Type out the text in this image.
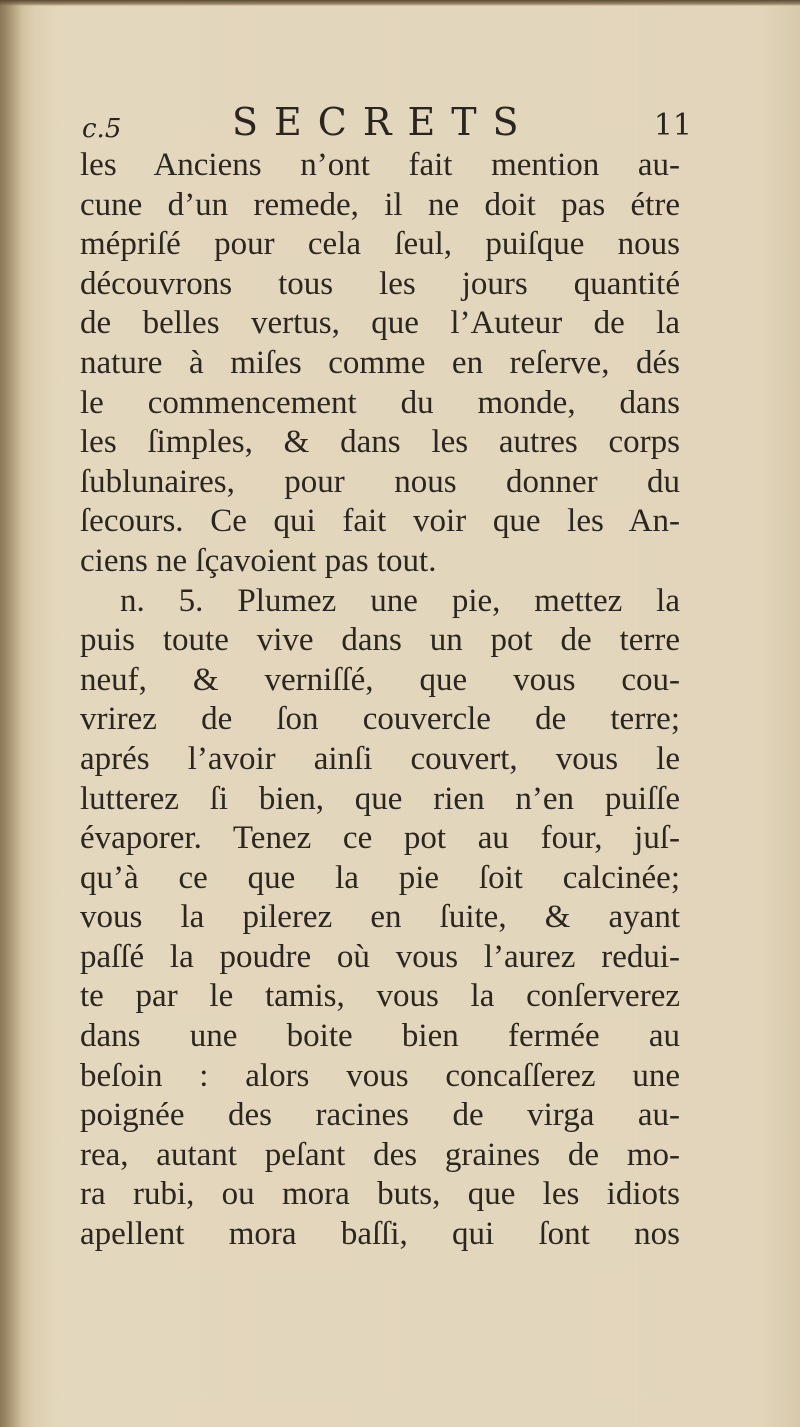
c.5	SECRETS	11
les Anciens n’ont fait mention au-
cune d’un remede, il ne doit pas étre
mépriſé pour cela ſeul, puiſque nous
découvrons tous les jours quantité
de belles vertus, que l’Auteur de la
nature à miſes comme en reſerve, dés
le commencement du monde, dans
les ſimples, & dans les autres corps
ſublunaires, pour nous donner du
ſecours. Ce qui fait voir que les An-
ciens ne ſçavoient pas tout.
n. 5. Plumez une pie, mettez la
puis toute vive dans un pot de terre
neuf, & verniſſé, que vous cou-
vrirez de ſon couvercle de terre;
aprés l’avoir ainſi couvert, vous le
lutterez ſi bien, que rien n’en puiſſe
évaporer. Tenez ce pot au four, juſ-
qu’à ce que la pie ſoit calcinée;
vous la pilerez en ſuite, & ayant
paſſé la poudre où vous l’aurez redui-
te par le tamis, vous la conſerverez
dans une boite bien fermée au
beſoin : alors vous concaſſerez une
poignée des racines de virga au-
rea, autant peſant des graines de mo-
ra rubi, ou mora buts, que les idiots
apellent mora baſſi, qui ſont nos
